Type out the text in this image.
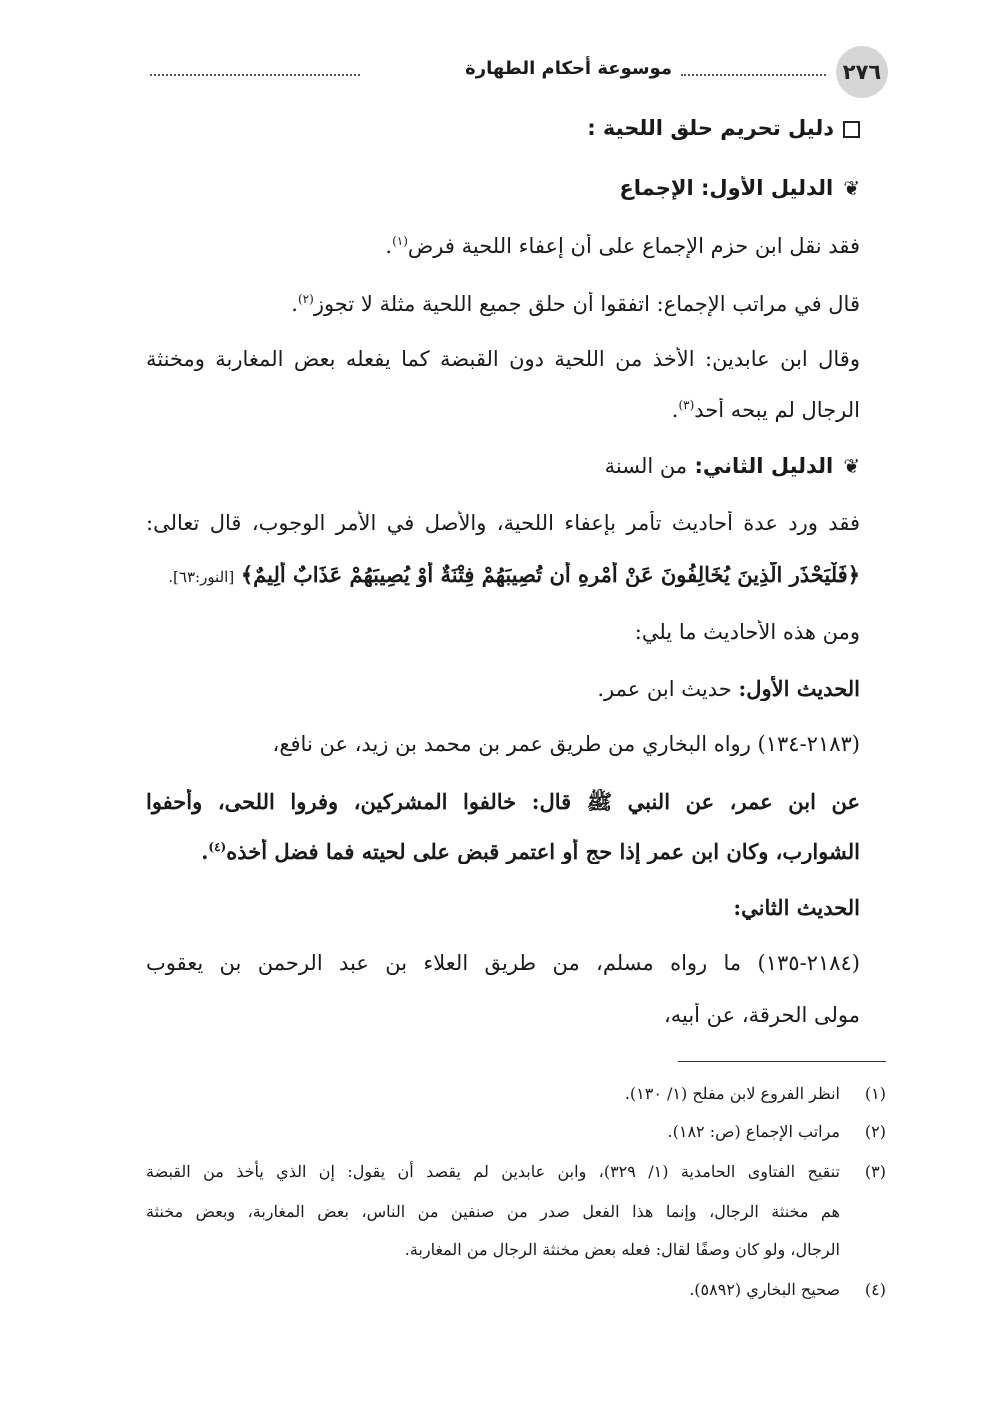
٢٧٦
موسوعة أحكام الطهارة
دليل تحريم حلق اللحية :
❦الدليل الأول: الإجماع
فقد نقل ابن حزم الإجماع على أن إعفاء اللحية فرض$^{(١)}$.
قال في مراتب الإجماع: اتفقوا أن حلق جميع اللحية مثلة لا تجوز$^{(٢)}$.
وقال ابن عابدين: الأخذ من اللحية دون القبضة كما يفعله بعض المغاربة ومخنثة
الرجال لم يبحه أحد$^{(٣)}$.
❦الدليل الثاني: من السنة
فقد ورد عدة أحاديث تأمر بإعفاء اللحية، والأصل في الأمر الوجوب، قال تعالى:
﴿فَلْيَحْذَرِ الَّذِينَ يُخَالِفُونَ عَنْ أَمْرِهِ أَن تُصِيبَهُمْ فِتْنَةٌ أَوْ يُصِيبَهُمْ عَذَابٌ أَلِيمٌ﴾ [النور:٦٣].
ومن هذه الأحاديث ما يلي:
الحديث الأول: حديث ابن عمر.
(٢١٨٣-١٣٤) رواه البخاري من طريق عمر بن محمد بن زيد، عن نافع،
عن ابن عمر، عن النبي ﷺ قال: خالفوا المشركين، وفروا اللحى، وأحفوا
الشوارب، وكان ابن عمر إذا حج أو اعتمر قبض على لحيته فما فضل أخذه$^{(٤)}$.
الحديث الثاني:
(٢١٨٤-١٣٥) ما رواه مسلم، من طريق العلاء بن عبد الرحمن بن يعقوب
مولى الحرقة، عن أبيه،
(١)انظر الفروع لابن مفلح (١/ ١٣٠).
(٢)مراتب الإجماع (ص: ١٨٢).
(٣)تنقيح الفتاوى الحامدية (١/ ٣٢٩)، وابن عابدين لم يقصد أن يقول: إن الذي يأخذ من القبضة
هم مخنثة الرجال، وإنما هذا الفعل صدر من صنفين من الناس، بعض المغاربة، وبعض مخنثة
الرجال، ولو كان وصفًا لقال: فعله بعض مخنثة الرجال من المغاربة.
(٤)صحيح البخاري (٥٨٩٢).
